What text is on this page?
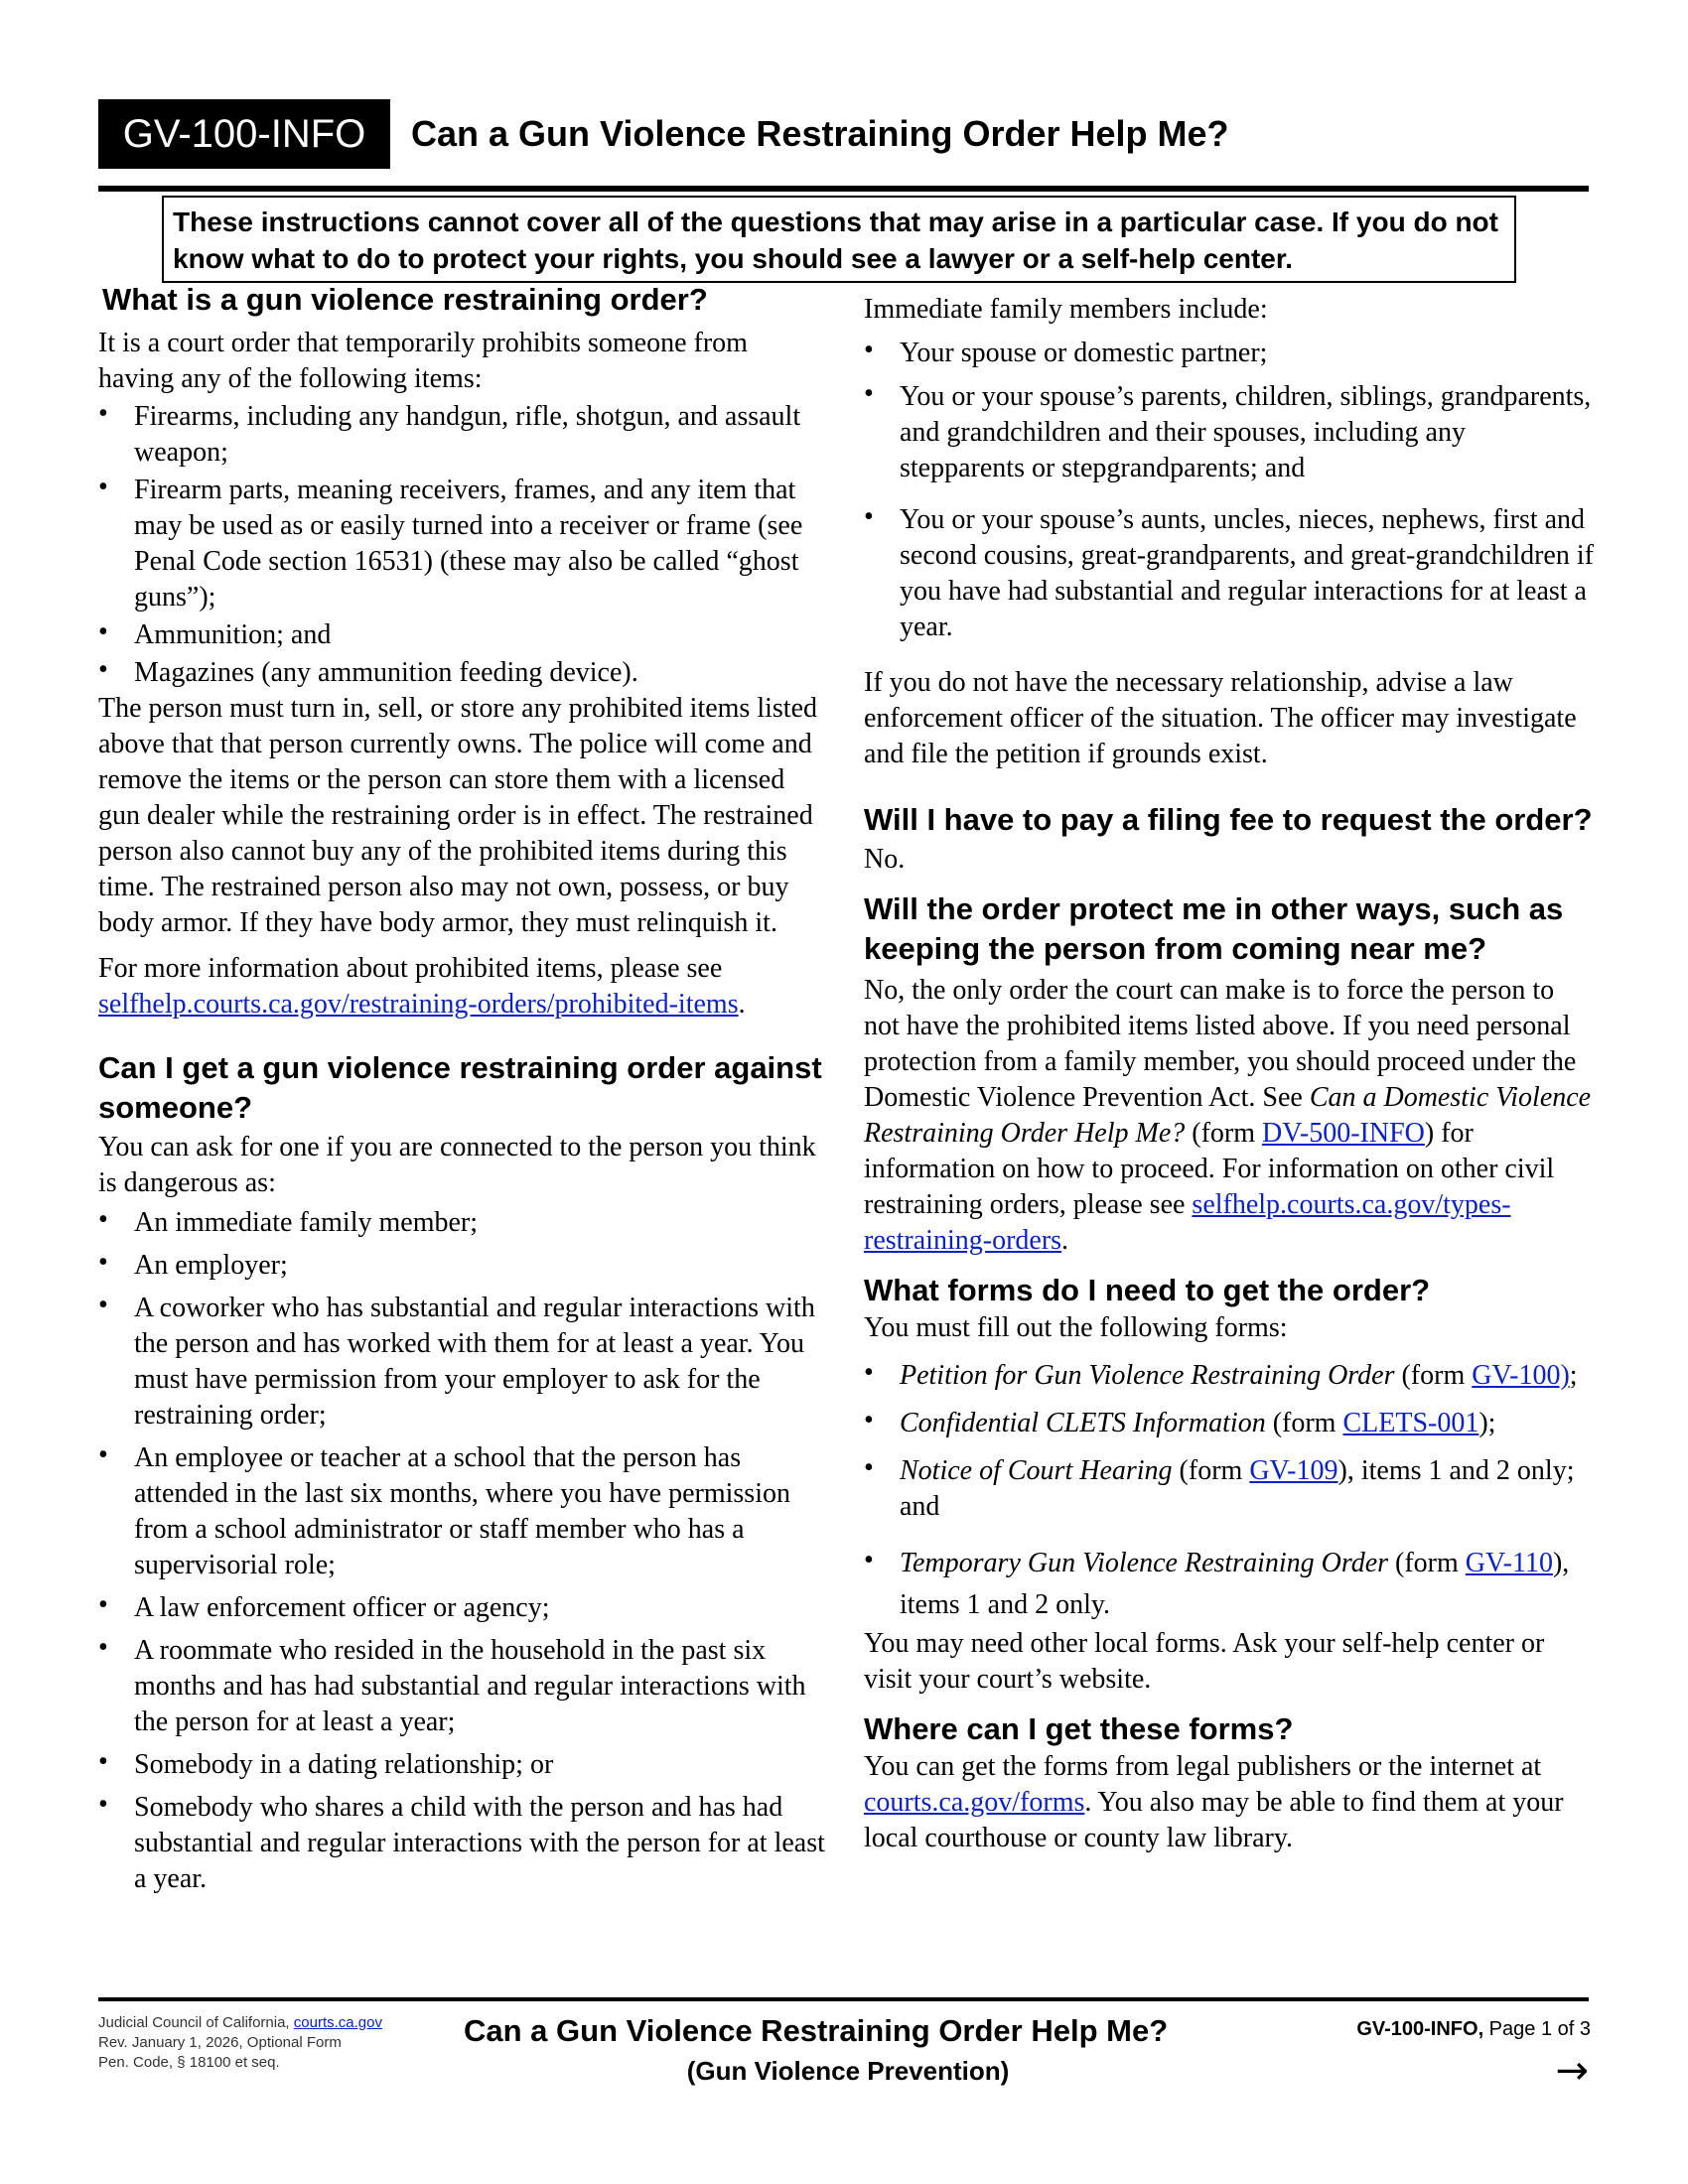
GV-100-INFO	Can a Gun Violence Restraining Order Help Me?
These instructions cannot cover all of the questions that may arise in a particular case. If you do not know what to do to protect your rights, you should see a lawyer or a self-help center.

What is a gun violence restraining order?

It is a court order that temporarily prohibits someone from having any of the following items:

• Firearms, including any handgun, rifle, shotgun, and assault weapon;
• Firearm parts, meaning receivers, frames, and any item that may be used as or easily turned into a receiver or frame (see Penal Code section 16531) (these may also be called “ghost guns”);
• Ammunition; and
• Magazines (any ammunition feeding device).

The person must turn in, sell, or store any prohibited items listed above that that person currently owns. The police will come and remove the items or the person can store them with a licensed gun dealer while the restraining order is in effect. The restrained person also cannot buy any of the prohibited items during this time. The restrained person also may not own, possess, or buy body armor. If they have body armor, they must relinquish it.

For more information about prohibited items, please see selfhelp.courts.ca.gov/restraining-orders/prohibited-items.

Can I get a gun violence restraining order against someone?

You can ask for one if you are connected to the person you think is dangerous as:

• An immediate family member;
• An employer;
• A coworker who has substantial and regular interactions with the person and has worked with them for at least a year. You must have permission from your employer to ask for the restraining order;
• An employee or teacher at a school that the person has attended in the last six months, where you have permission from a school administrator or staff member who has a supervisorial role;
• A law enforcement officer or agency;
• A roommate who resided in the household in the past six months and has had substantial and regular interactions with the person for at least a year;
• Somebody in a dating relationship; or
• Somebody who shares a child with the person and has had substantial and regular interactions with the person for at least a year.

Immediate family members include:

• Your spouse or domestic partner;
• You or your spouse’s parents, children, siblings, grandparents, and grandchildren and their spouses, including any stepparents or stepgrandparents; and
• You or your spouse’s aunts, uncles, nieces, nephews, first and second cousins, great-grandparents, and great-grandchildren if you have had substantial and regular interactions for at least a year.

If you do not have the necessary relationship, advise a law enforcement officer of the situation. The officer may investigate and file the petition if grounds exist.

Will I have to pay a filing fee to request the order?

No.

Will the order protect me in other ways, such as keeping the person from coming near me?

No, the only order the court can make is to force the person to not have the prohibited items listed above. If you need personal protection from a family member, you should proceed under the Domestic Violence Prevention Act. See Can a Domestic Violence Restraining Order Help Me? (form DV-500-INFO) for information on how to proceed. For information on other civil restraining orders, please see selfhelp.courts.ca.gov/types-restraining-orders.

What forms do I need to get the order?

You must fill out the following forms:

• Petition for Gun Violence Restraining Order (form GV-100);
• Confidential CLETS Information (form CLETS-001);
• Notice of Court Hearing (form GV-109), items 1 and 2 only; and
• Temporary Gun Violence Restraining Order (form GV-110), items 1 and 2 only.

You may need other local forms. Ask your self-help center or visit your court’s website.

Where can I get these forms?

You can get the forms from legal publishers or the internet at courts.ca.gov/forms. You also may be able to find them at your local courthouse or county law library.

Judicial Council of California, courts.ca.gov
Rev. January 1, 2026, Optional Form
Pen. Code, § 18100 et seq.
Can a Gun Violence Restraining Order Help Me?
(Gun Violence Prevention)
GV-100-INFO, Page 1 of 3
→
